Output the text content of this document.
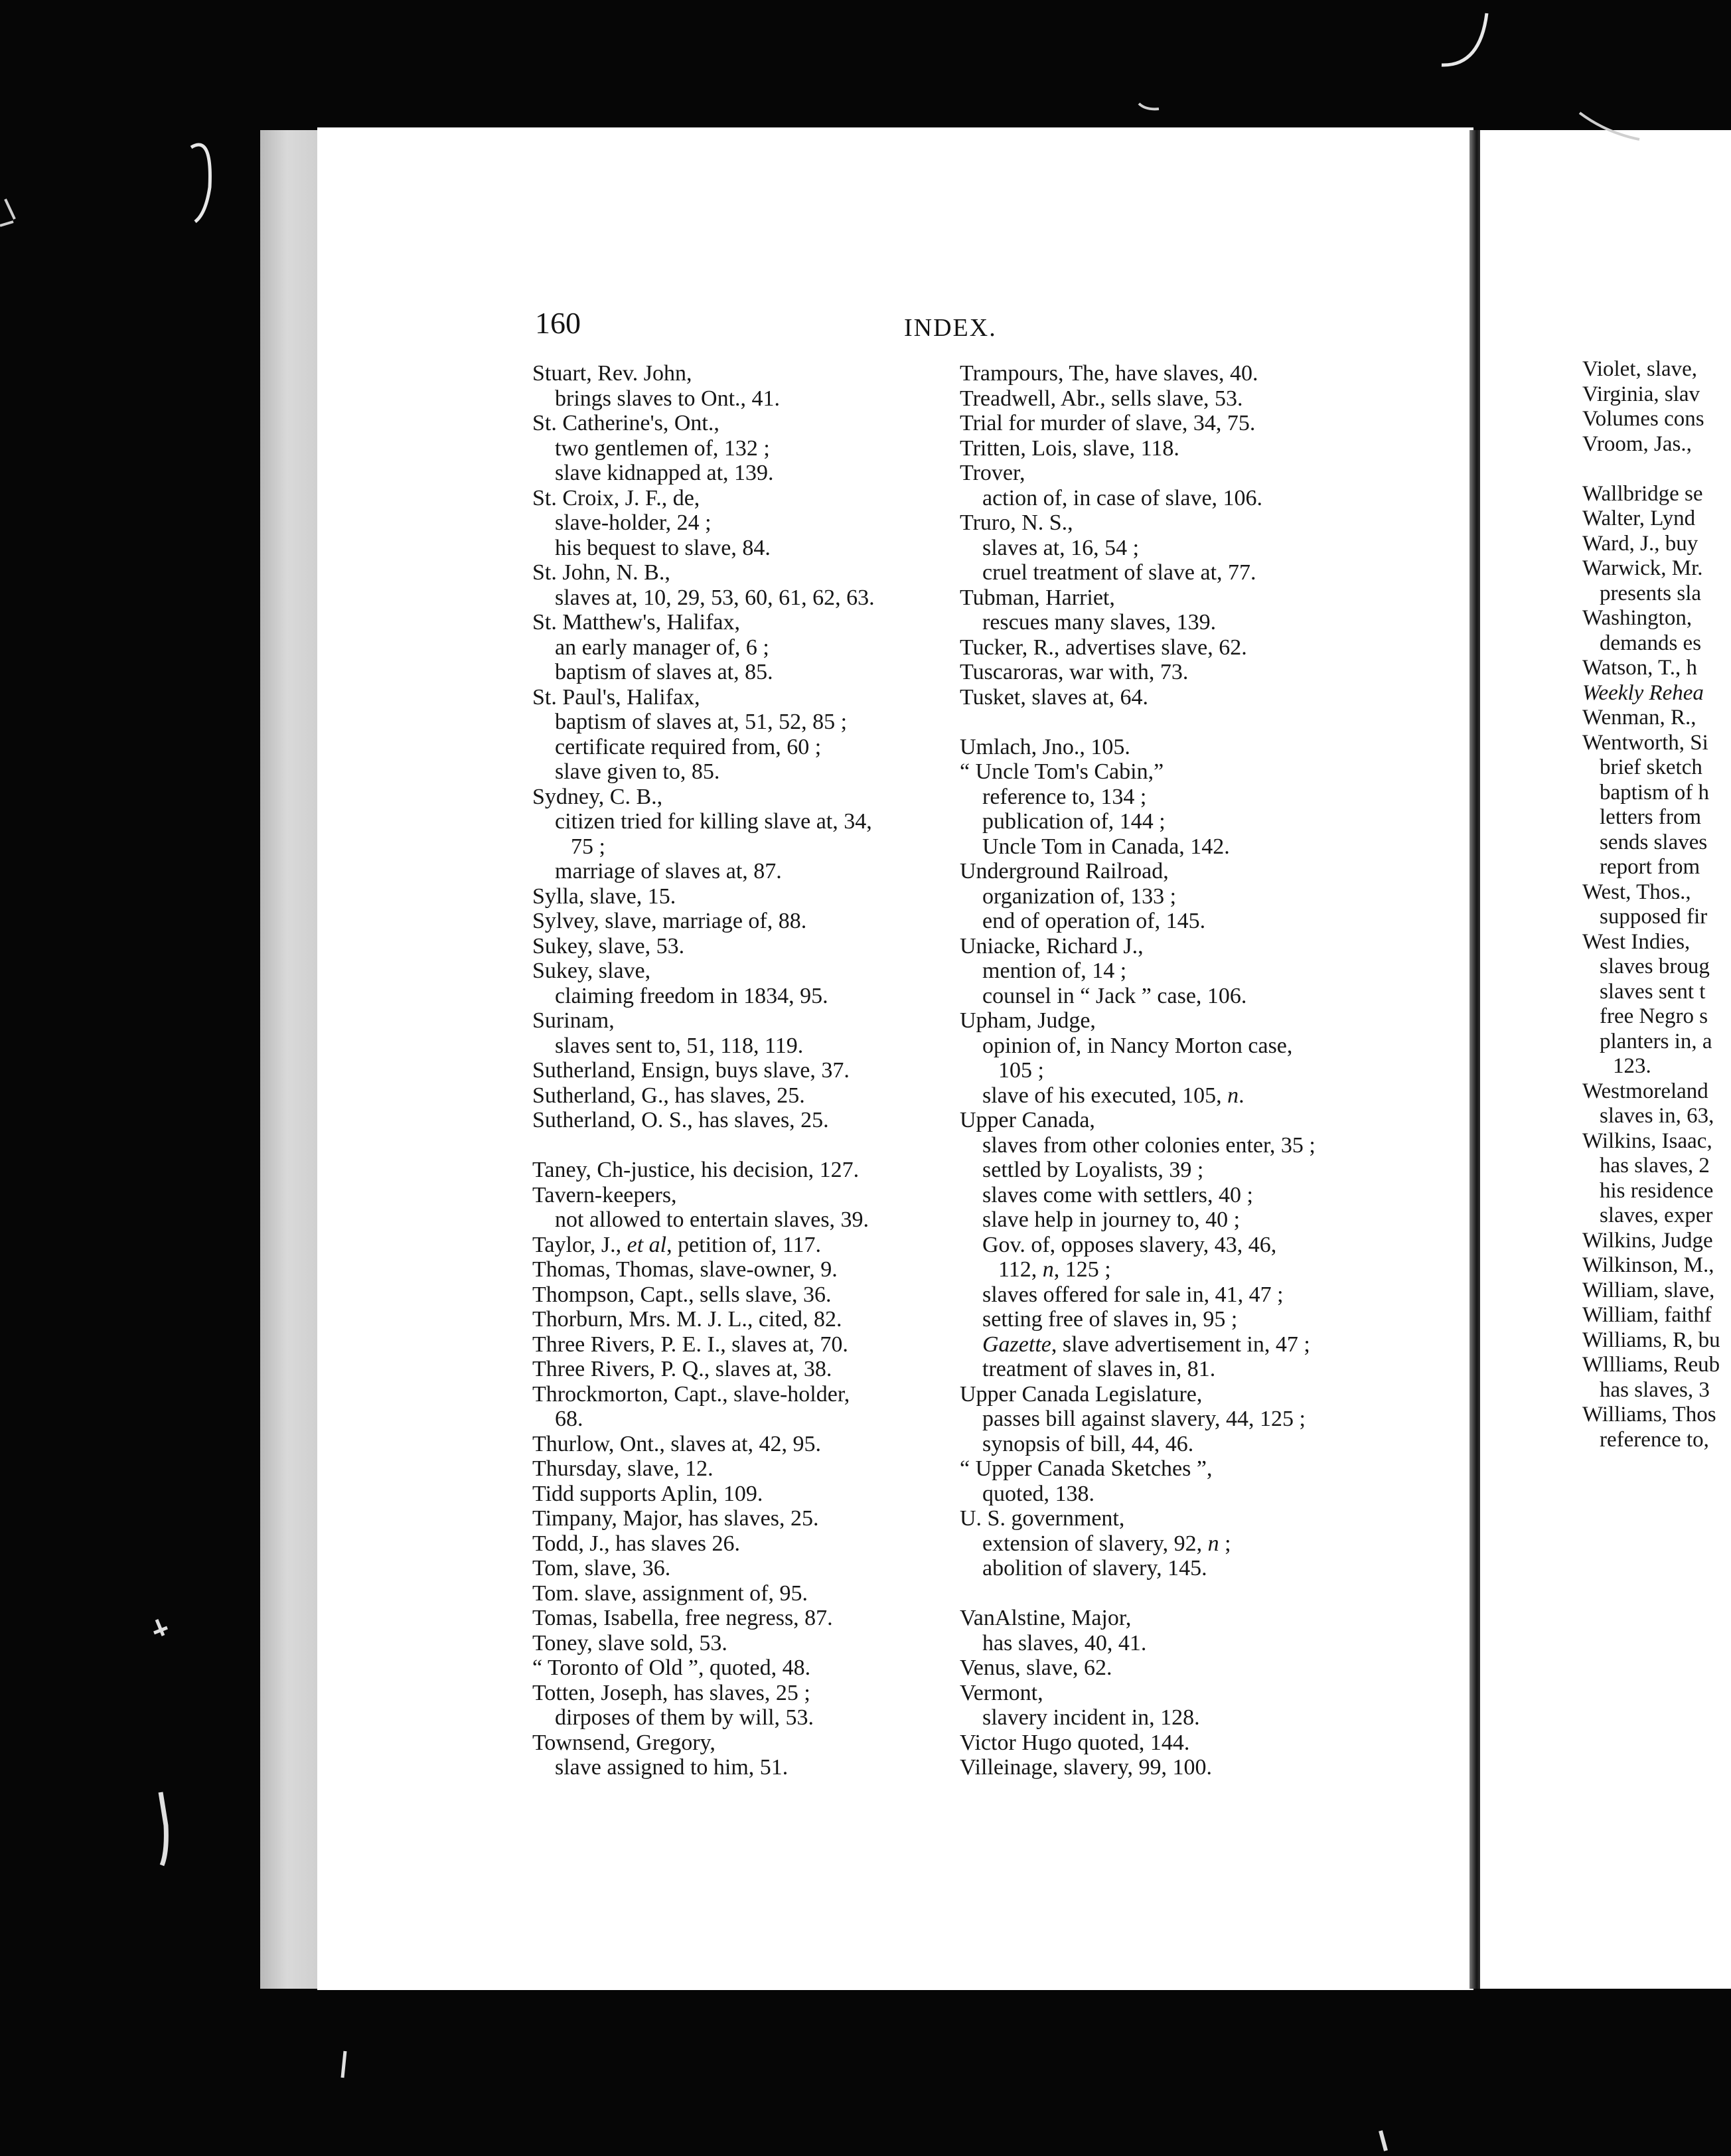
160	INDEX.
Stuart, Rev. John,
brings slaves to Ont., 41.
St. Catherine's, Ont.,
two gentlemen of, 132 ;
slave kidnapped at, 139.
St. Croix, J. F., de,
slave-holder, 24 ;
his bequest to slave, 84.
St. John, N. B.,
slaves at, 10, 29, 53, 60, 61, 62, 63.
St. Matthew's, Halifax,
an early manager of, 6 ;
baptism of slaves at, 85.
St. Paul's, Halifax,
baptism of slaves at, 51, 52, 85 ;
certificate required from, 60 ;
slave given to, 85.
Sydney, C. B.,
citizen tried for killing slave at, 34,
75 ;
marriage of slaves at, 87.
Sylla, slave, 15.
Sylvey, slave, marriage of, 88.
Sukey, slave, 53.
Sukey, slave,
claiming freedom in 1834, 95.
Surinam,
slaves sent to, 51, 118, 119.
Sutherland, Ensign, buys slave, 37.
Sutherland, G., has slaves, 25.
Sutherland, O. S., has slaves, 25.
Taney, Ch-justice, his decision, 127.
Tavern-keepers,
not allowed to entertain slaves, 39.
Taylor, J., et al, petition of, 117.
Thomas, Thomas, slave-owner, 9.
Thompson, Capt., sells slave, 36.
Thorburn, Mrs. M. J. L., cited, 82.
Three Rivers, P. E. I., slaves at, 70.
Three Rivers, P. Q., slaves at, 38.
Throckmorton, Capt., slave-holder,
68.
Thurlow, Ont., slaves at, 42, 95.
Thursday, slave, 12.
Tidd supports Aplin, 109.
Timpany, Major, has slaves, 25.
Todd, J., has slaves 26.
Tom, slave, 36.
Tom. slave, assignment of, 95.
Tomas, Isabella, free negress, 87.
Toney, slave sold, 53.
“ Toronto of Old ”, quoted, 48.
Totten, Joseph, has slaves, 25 ;
dirposes of them by will, 53.
Townsend, Gregory,
slave assigned to him, 51.
Trampours, The, have slaves, 40.
Treadwell, Abr., sells slave, 53.
Trial for murder of slave, 34, 75.
Tritten, Lois, slave, 118.
Trover,
action of, in case of slave, 106.
Truro, N. S.,
slaves at, 16, 54 ;
cruel treatment of slave at, 77.
Tubman, Harriet,
rescues many slaves, 139.
Tucker, R., advertises slave, 62.
Tuscaroras, war with, 73.
Tusket, slaves at, 64.
Umlach, Jno., 105.
“ Uncle Tom's Cabin,”
reference to, 134 ;
publication of, 144 ;
Uncle Tom in Canada, 142.
Underground Railroad,
organization of, 133 ;
end of operation of, 145.
Uniacke, Richard J.,
mention of, 14 ;
counsel in “ Jack ” case, 106.
Upham, Judge,
opinion of, in Nancy Morton case,
105 ;
slave of his executed, 105, n.
Upper Canada,
slaves from other colonies enter, 35 ;
settled by Loyalists, 39 ;
slaves come with settlers, 40 ;
slave help in journey to, 40 ;
Gov. of, opposes slavery, 43, 46,
112, n, 125 ;
slaves offered for sale in, 41, 47 ;
setting free of slaves in, 95 ;
Gazette, slave advertisement in, 47 ;
treatment of slaves in, 81.
Upper Canada Legislature,
passes bill against slavery, 44, 125 ;
synopsis of bill, 44, 46.
“ Upper Canada Sketches ”,
quoted, 138.
U. S. government,
extension of slavery, 92, n ;
abolition of slavery, 145.
VanAlstine, Major,
has slaves, 40, 41.
Venus, slave, 62.
Vermont,
slavery incident in, 128.
Victor Hugo quoted, 144.
Villeinage, slavery, 99, 100.
Violet, slave,
Virginia, slav
Volumes cons
Vroom, Jas.,
Wallbridge se
Walter, Lynd
Ward, J., buy
Warwick, Mr.
presents sla
Washington,
demands es
Watson, T., h
Weekly Rehea
Wenman, R.,
Wentworth, Si
brief sketch
baptism of h
letters from
sends slaves
report from
West, Thos.,
supposed fir
West Indies,
slaves broug
slaves sent t
free Negro s
planters in, a
123.
Westmoreland
slaves in, 63,
Wilkins, Isaac,
has slaves, 2
his residence
slaves, exper
Wilkins, Judge
Wilkinson, M.,
William, slave,
William, faithf
Williams, R, bu
Wllliams, Reub
has slaves, 3
Williams, Thos
reference to,
